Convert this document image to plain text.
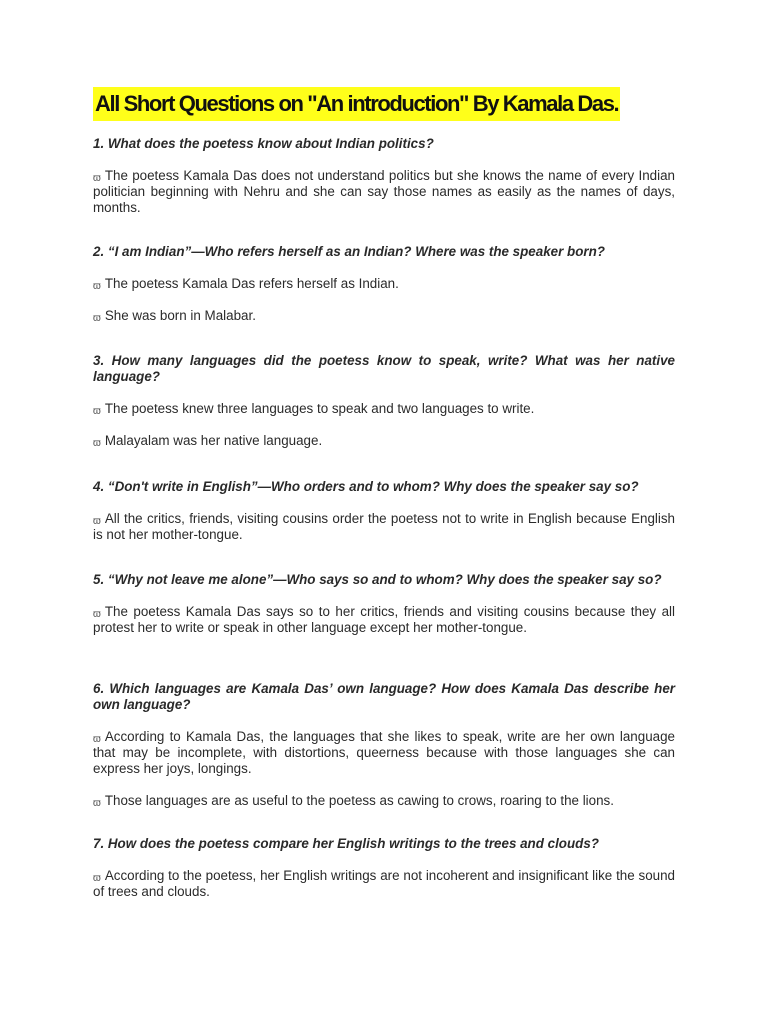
All Short Questions on "An introduction" By Kamala Das.

1. What does the poetess know about Indian politics?

ϖ The poetess Kamala Das does not understand politics but she knows the name of every Indian politician beginning with Nehru and she can say those names as easily as the names of days, months.

2. “I am Indian”—Who refers herself as an Indian? Where was the speaker born?

ϖ The poetess Kamala Das refers herself as Indian.

ϖ She was born in Malabar.

3. How many languages did the poetess know to speak, write? What was her native language?

ϖ The poetess knew three languages to speak and two languages to write.

ϖ Malayalam was her native language.

4. “Don't write in English”—Who orders and to whom? Why does the speaker say so?

ϖ All the critics, friends, visiting cousins order the poetess not to write in English because English is not her mother-tongue.

5. “Why not leave me alone”—Who says so and to whom? Why does the speaker say so?

ϖ The poetess Kamala Das says so to her critics, friends and visiting cousins because they all protest her to write or speak in other language except her mother-tongue.

6. Which languages are Kamala Das’ own language? How does Kamala Das describe her own language?

ϖ According to Kamala Das, the languages that she likes to speak, write are her own language that may be incomplete, with distortions, queerness because with those languages she can express her joys, longings.

ϖ Those languages are as useful to the poetess as cawing to crows, roaring to the lions.

7. How does the poetess compare her English writings to the trees and clouds?

ϖ According to the poetess, her English writings are not incoherent and insignificant like the sound of trees and clouds.
